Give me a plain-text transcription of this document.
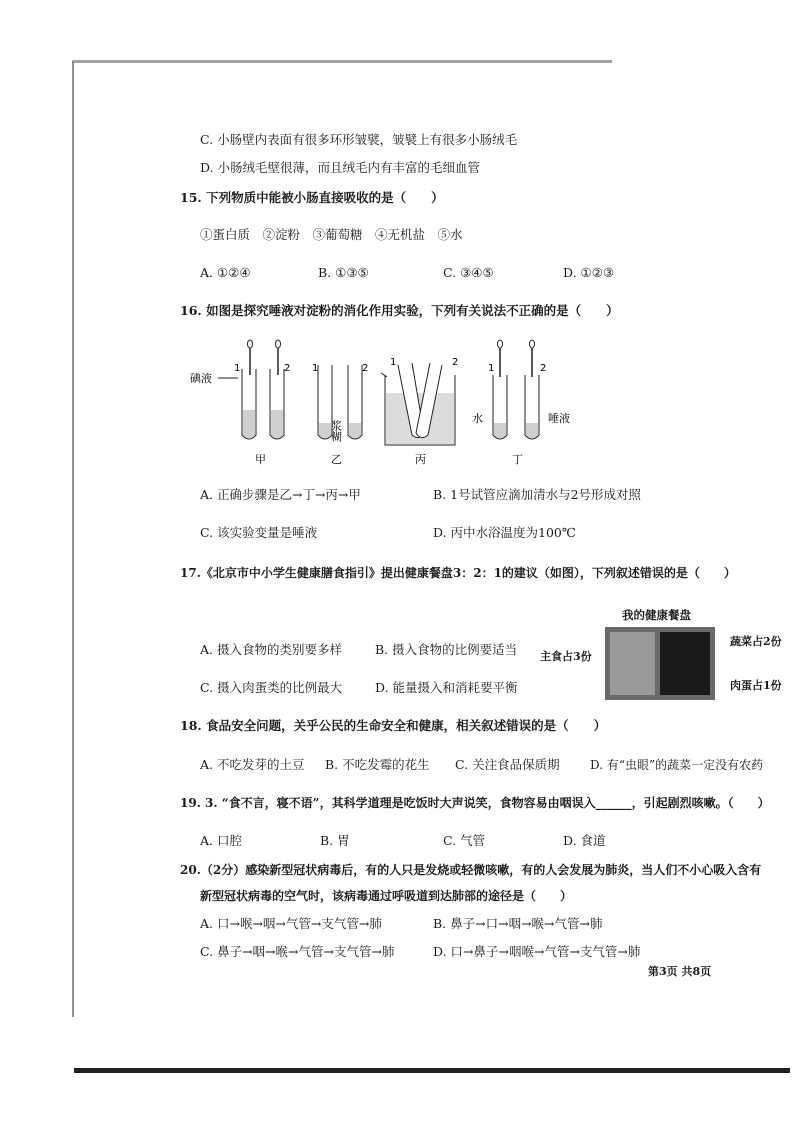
C. 小肠壁内表面有很多环形皱襞，皱襞上有很多小肠绒毛
D. 小肠绒毛壁很薄，而且绒毛内有丰富的毛细血管
15. 下列物质中能被小肠直接吸收的是（　　）
①蛋白质　②淀粉　③葡萄糖　④无机盐　⑤水
A. ①②④	B. ①③⑤	C. ③④⑤	D. ①②③
16. 如图是探究唾液对淀粉的消化作用实验，下列有关说法不正确的是（　　）
碘液
1	2
甲
1	2
浆糊
乙
1	2
丙
1	2
水	唾液
丁
A. 正确步骤是乙→丁→丙→甲	B. 1号试管应滴加清水与2号形成对照
C. 该实验变量是唾液	D. 丙中水浴温度为100℃
17.《北京市中小学生健康膳食指引》提出健康餐盘3：2：1的建议（如图），下列叙述错误的是（　　）
A. 摄入食物的类别要多样	B. 摄入食物的比例要适当
C. 摄入肉蛋类的比例最大	D. 能量摄入和消耗要平衡
我的健康餐盘
主食占3份
蔬菜占2份
肉蛋占1份
18. 食品安全问题，关乎公民的生命安全和健康，相关叙述错误的是（　　）
A. 不吃发芽的土豆 B. 不吃发霉的花生 C. 关注食品保质期	D. 有“虫眼”的蔬菜一定没有农药
19. 3. “食不言，寝不语”，其科学道理是吃饭时大声说笑，食物容易由咽误入______，引起剧烈咳嗽。（　　）
A. 口腔	B. 胃	C. 气管	D. 食道
20.（2分）感染新型冠状病毒后，有的人只是发烧或轻微咳嗽，有的人会发展为肺炎，当人们不小心吸入含有
新型冠状病毒的空气时，该病毒通过呼吸道到达肺部的途径是（　　）
A. 口→喉→咽→气管→支气管→肺	B. 鼻子→口→咽→喉→气管→肺
C. 鼻子→咽→喉→气管→支气管→肺	D. 口→鼻子→咽喉→气管→支气管→肺
第3页 共8页
